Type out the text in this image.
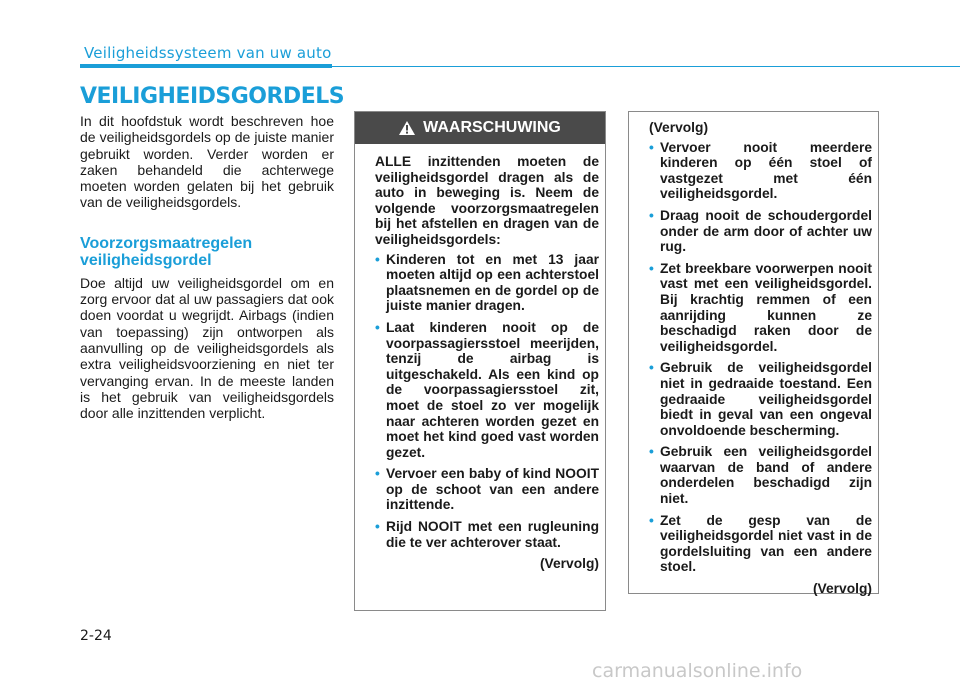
Veiligheidssysteem van uw auto
VEILIGHEIDSGORDELS

In dit hoofdstuk wordt beschreven hoe de veiligheidsgordels op de juiste manier gebruikt worden. Verder worden er zaken behandeld die achterwege moeten worden gelaten bij het gebruik van de veiligheidsgordels.

Voorzorgsmaatregelen veiligheidsgordel

Doe altijd uw veiligheidsgordel om en zorg ervoor dat al uw passagiers dat ook doen voordat u wegrijdt. Airbags (indien van toepassing) zijn ontworpen als aanvulling op de veiligheidsgordels als extra veiligheidsvoorziening en niet ter vervanging ervan. In de meeste landen is het gebruik van veiligheidsgordels door alle inzittenden verplicht.

WAARSCHUWING

ALLE inzittenden moeten de veiligheidsgordel dragen als de auto in beweging is. Neem de volgende voorzorgsmaatregelen bij het afstellen en dragen van de veiligheidsgordels:

• Kinderen tot en met 13 jaar moeten altijd op een achterstoel plaatsnemen en de gordel op de juiste manier dragen.
• Laat kinderen nooit op de voorpassagiersstoel meerijden, tenzij de airbag is uitgeschakeld. Als een kind op de voorpassagiersstoel zit, moet de stoel zo ver mogelijk naar achteren worden gezet en moet het kind goed vast worden gezet.
• Vervoer een baby of kind NOOIT op de schoot van een andere inzittende.
• Rijd NOOIT met een rugleuning die te ver achterover staat.
(Vervolg)

(Vervolg)

• Vervoer nooit meerdere kinderen op één stoel of vastgezet met één veiligheidsgordel.
• Draag nooit de schoudergordel onder de arm door of achter uw rug.
• Zet breekbare voorwerpen nooit vast met een veiligheidsgordel. Bij krachtig remmen of een aanrijding kunnen ze beschadigd raken door de veiligheidsgordel.
• Gebruik de veiligheidsgordel niet in gedraaide toestand. Een gedraaide veiligheidsgordel biedt in geval van een ongeval onvoldoende bescherming.
• Gebruik een veiligheidsgordel waarvan de band of andere onderdelen beschadigd zijn niet.
• Zet de gesp van de veiligheidsgordel niet vast in de gordelsluiting van een andere stoel.
(Vervolg)
2-24
carmanualsonline.info
